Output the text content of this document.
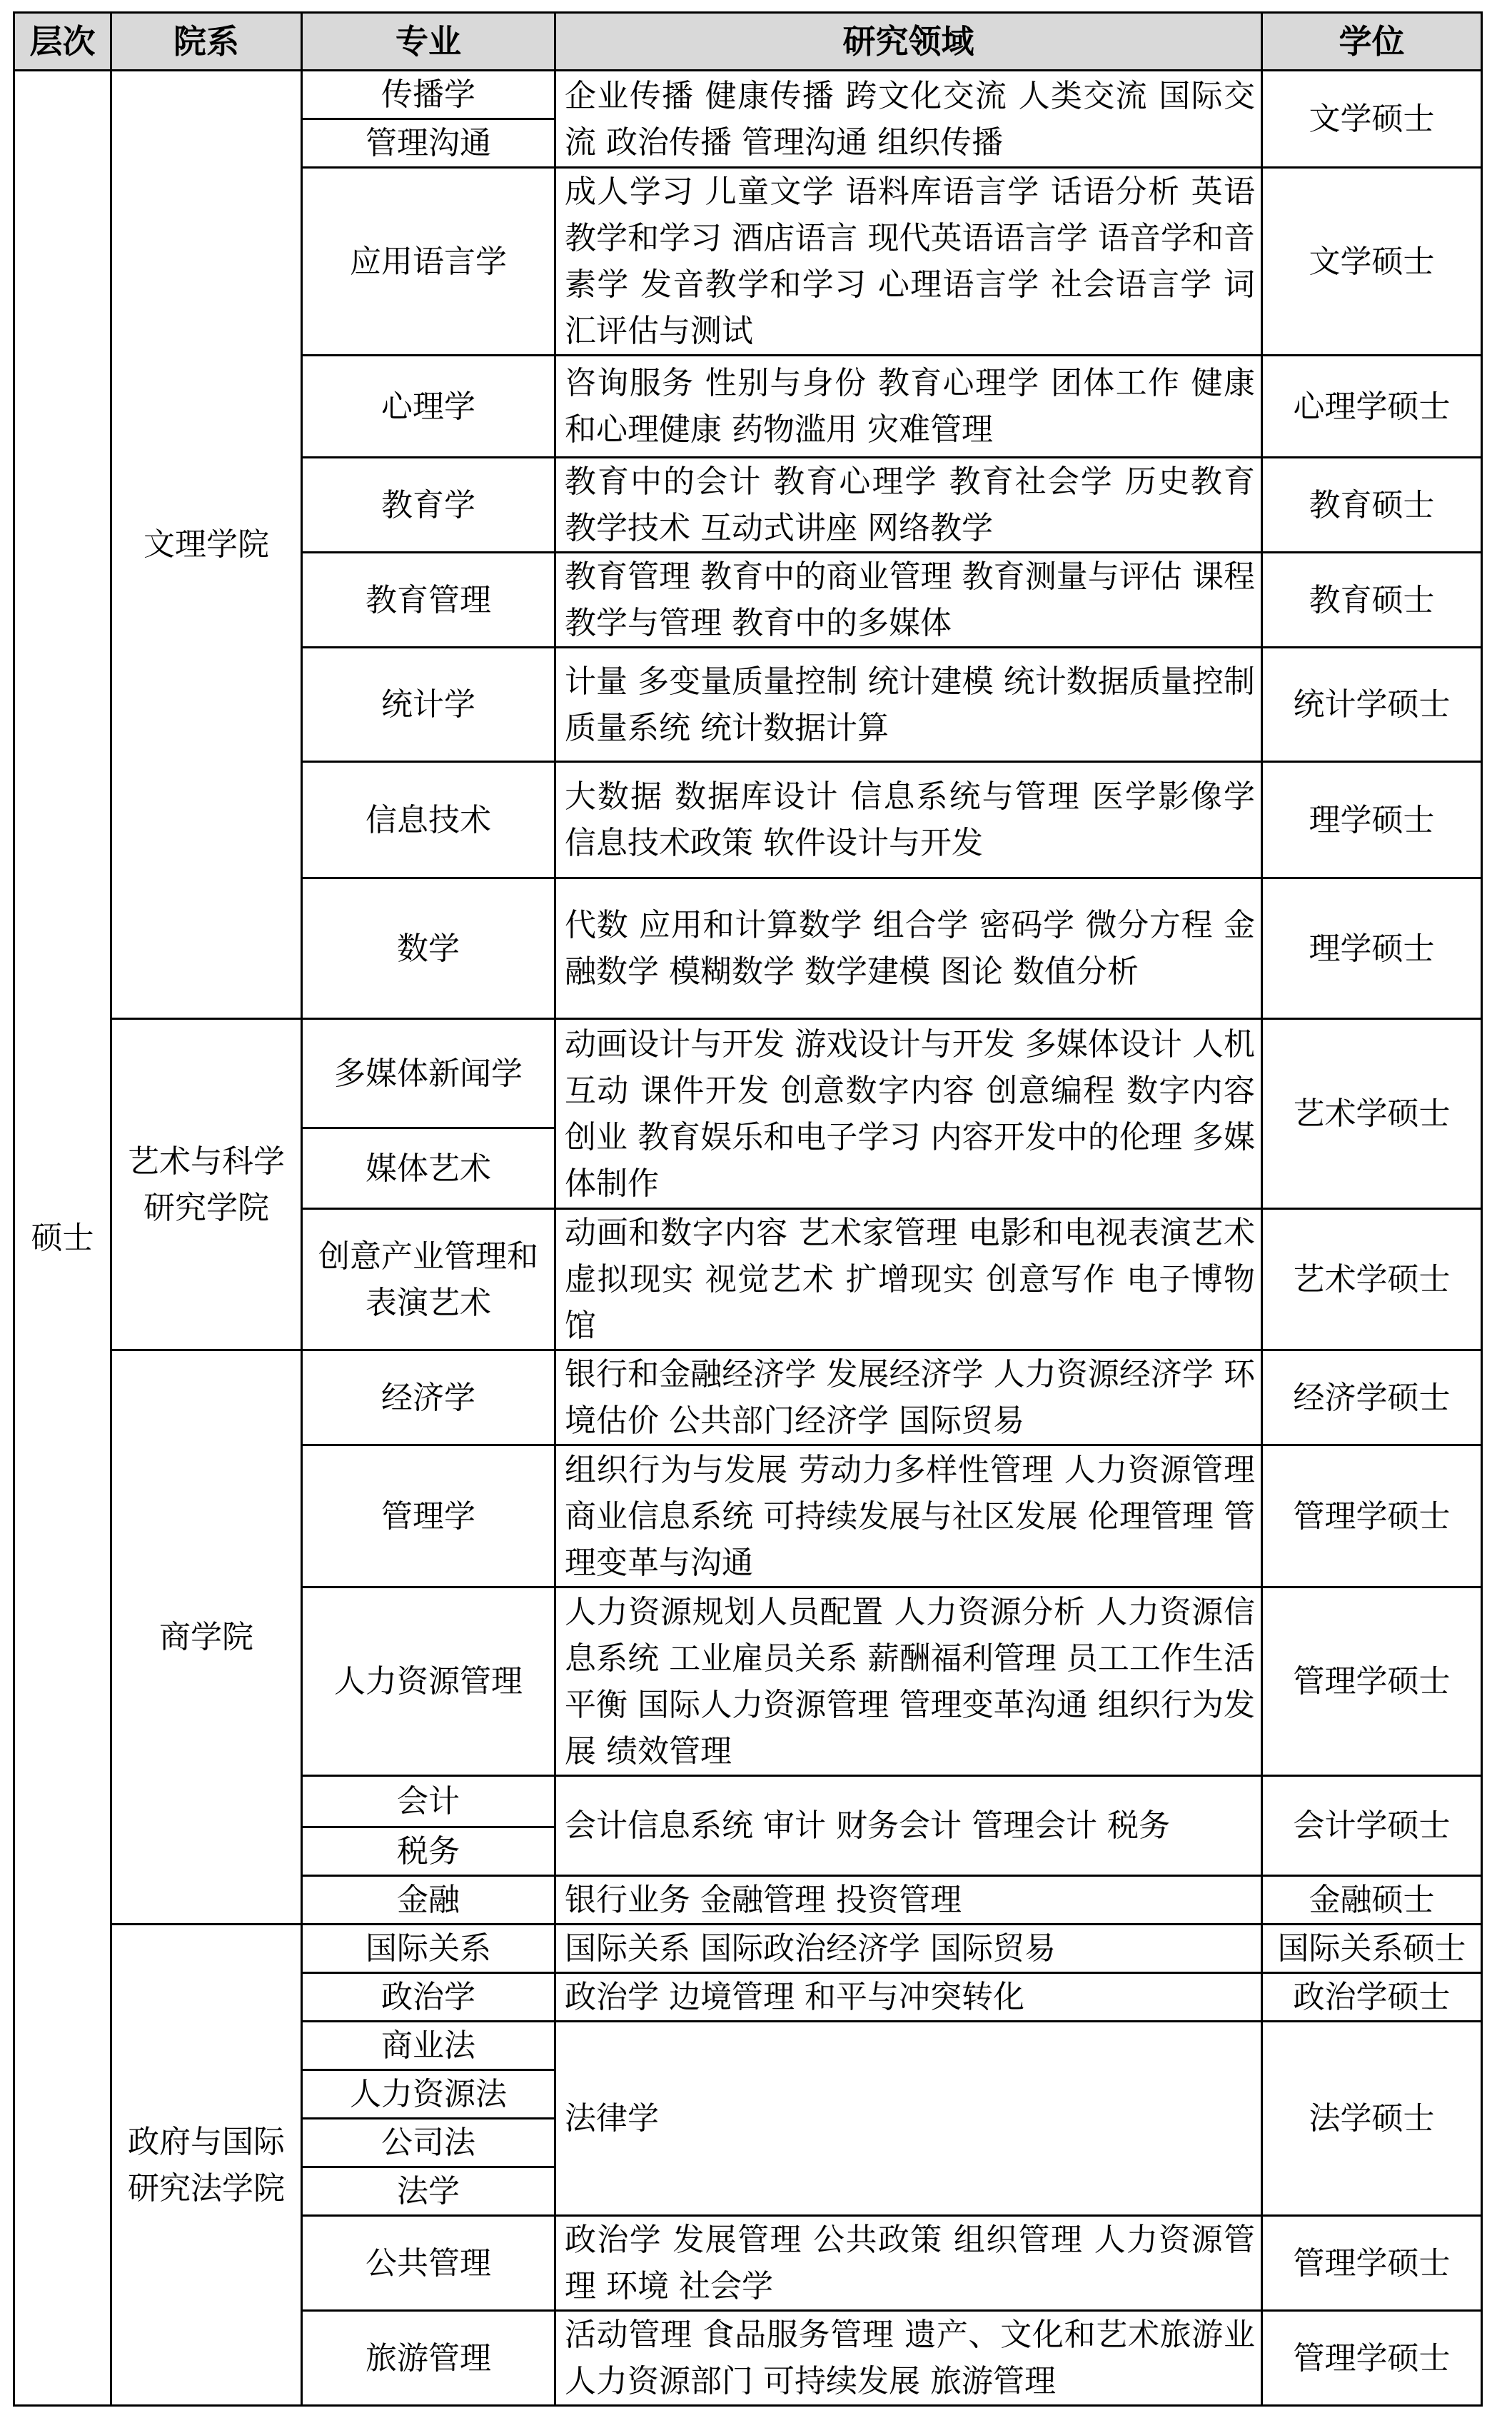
层次	院系	专业	研究领域	学位
硕士	文理学院	传播学	企业传播 健康传播 跨文化交流 人类交流 国际交流 政治传播 管理沟通 组织传播	文学硕士
		管理沟通		
		应用语言学	成人学习 儿童文学 语料库语言学 话语分析 英语教学和学习 酒店语言 现代英语语言学 语音学和音素学 发音教学和学习 心理语言学 社会语言学 词汇评估与测试	文学硕士
		心理学	咨询服务 性别与身份 教育心理学 团体工作 健康和心理健康 药物滥用 灾难管理	心理学硕士
		教育学	教育中的会计 教育心理学 教育社会学 历史教育 教学技术 互动式讲座 网络教学	教育硕士
		教育管理	教育管理 教育中的商业管理 教育测量与评估 课程教学与管理 教育中的多媒体	教育硕士
		统计学	计量 多变量质量控制 统计建模 统计数据质量控制 质量系统 统计数据计算	统计学硕士
		信息技术	大数据 数据库设计 信息系统与管理 医学影像学 信息技术政策 软件设计与开发	理学硕士
		数学	代数 应用和计算数学 组合学 密码学 微分方程 金融数学 模糊数学 数学建模 图论 数值分析	理学硕士
	艺术与科学研究学院	多媒体新闻学	动画设计与开发 游戏设计与开发 多媒体设计 人机互动 课件开发 创意数字内容 创意编程 数字内容创业 教育娱乐和电子学习 内容开发中的伦理 多媒体制作	艺术学硕士
		媒体艺术		
		创意产业管理和表演艺术	动画和数字内容 艺术家管理 电影和电视表演艺术 虚拟现实 视觉艺术 扩增现实 创意写作 电子博物馆	艺术学硕士
	商学院	经济学	银行和金融经济学 发展经济学 人力资源经济学 环境估价 公共部门经济学 国际贸易	经济学硕士
		管理学	组织行为与发展 劳动力多样性管理 人力资源管理 商业信息系统 可持续发展与社区发展 伦理管理 管理变革与沟通	管理学硕士
		人力资源管理	人力资源规划人员配置 人力资源分析 人力资源信息系统 工业雇员关系 薪酬福利管理 员工工作生活平衡 国际人力资源管理 管理变革沟通 组织行为发展 绩效管理	管理学硕士
		会计	会计信息系统 审计 财务会计 管理会计 税务	会计学硕士
		税务		
		金融	银行业务 金融管理 投资管理	金融硕士
	政府与国际研究法学院	国际关系	国际关系 国际政治经济学 国际贸易	国际关系硕士
		政治学	政治学 边境管理 和平与冲突转化	政治学硕士
		商业法	法律学	法学硕士
		人力资源法		
		公司法		
		法学		
		公共管理	政治学 发展管理 公共政策 组织管理 人力资源管理 环境 社会学	管理学硕士
		旅游管理	活动管理 食品服务管理 遗产、文化和艺术旅游业人力资源部门 可持续发展 旅游管理	管理学硕士
